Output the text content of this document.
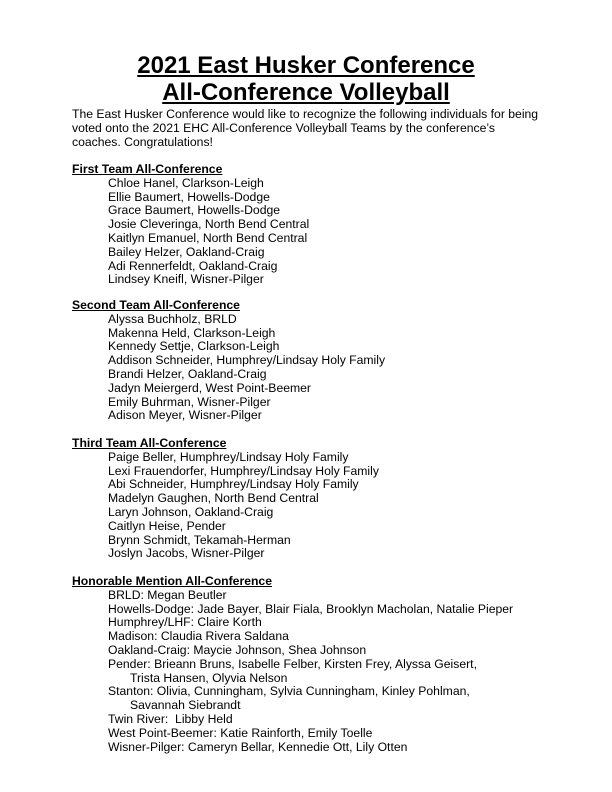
2021 East Husker Conference
All-Conference Volleyball

The East Husker Conference would like to recognize the following individuals for being voted onto the 2021 EHC All-Conference Volleyball Teams by the conference’s coaches. Congratulations!

First Team All-Conference

Chloe Hanel, Clarkson-Leigh
Ellie Baumert, Howells-Dodge
Grace Baumert, Howells-Dodge
Josie Cleveringa, North Bend Central
Kaitlyn Emanuel, North Bend Central
Bailey Helzer, Oakland-Craig
Adi Rennerfeldt, Oakland-Craig
Lindsey Kneifl, Wisner-Pilger

Second Team All-Conference

Alyssa Buchholz, BRLD
Makenna Held, Clarkson-Leigh
Kennedy Settje, Clarkson-Leigh
Addison Schneider, Humphrey/Lindsay Holy Family
Brandi Helzer, Oakland-Craig
Jadyn Meiergerd, West Point-Beemer
Emily Buhrman, Wisner-Pilger
Adison Meyer, Wisner-Pilger

Third Team All-Conference

Paige Beller, Humphrey/Lindsay Holy Family
Lexi Frauendorfer, Humphrey/Lindsay Holy Family
Abi Schneider, Humphrey/Lindsay Holy Family
Madelyn Gaughen, North Bend Central
Laryn Johnson, Oakland-Craig
Caitlyn Heise, Pender
Brynn Schmidt, Tekamah-Herman
Joslyn Jacobs, Wisner-Pilger

Honorable Mention All-Conference

BRLD: Megan Beutler
Howells-Dodge: Jade Bayer, Blair Fiala, Brooklyn Macholan, Natalie Pieper
Humphrey/LHF: Claire Korth
Madison: Claudia Rivera Saldana
Oakland-Craig: Maycie Johnson, Shea Johnson
Pender: Brieann Bruns, Isabelle Felber, Kirsten Frey, Alyssa Geisert,
Trista Hansen, Olyvia Nelson
Stanton: Olivia, Cunningham, Sylvia Cunningham, Kinley Pohlman,
Savannah Siebrandt
Twin River:  Libby Held
West Point-Beemer: Katie Rainforth, Emily Toelle
Wisner-Pilger: Cameryn Bellar, Kennedie Ott, Lily Otten
